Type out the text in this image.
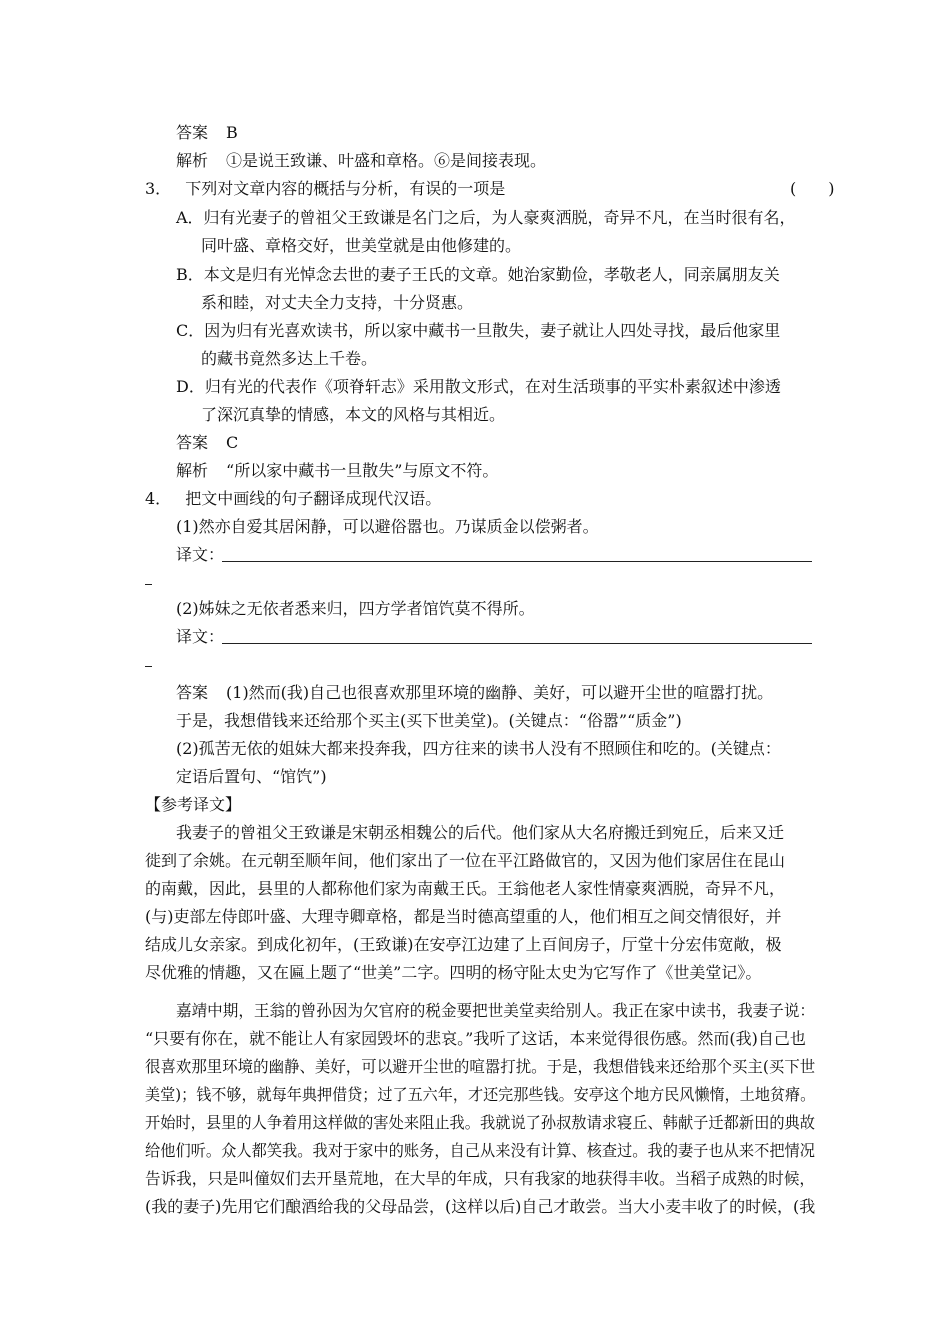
答案 B
解析 ①是说王致谦、叶盛和章格。⑥是间接表现。
3． 下列对文章内容的概括与分析，有误的一项是	(　　)
A．归有光妻子的曾祖父王致谦是名门之后，为人豪爽洒脱，奇异不凡，在当时很有名，
同叶盛、章格交好，世美堂就是由他修建的。
B．本文是归有光悼念去世的妻子王氏的文章。她治家勤俭，孝敬老人，同亲属朋友关
系和睦，对丈夫全力支持，十分贤惠。
C．因为归有光喜欢读书，所以家中藏书一旦散失，妻子就让人四处寻找，最后他家里
的藏书竟然多达上千卷。
D．归有光的代表作《项脊轩志》采用散文形式，在对生活琐事的平实朴素叙述中渗透
了深沉真挚的情感，本文的风格与其相近。
答案 C
解析 “所以家中藏书一旦散失”与原文不符。
4． 把文中画线的句子翻译成现代汉语。
(1)然亦自爱其居闲静，可以避俗嚣也。乃谋质金以偿粥者。
译文：
(2)姊妹之无依者悉来归，四方学者馆饩莫不得所。
译文：
答案 (1)然而(我)自己也很喜欢那里环境的幽静、美好，可以避开尘世的喧嚣打扰。
于是，我想借钱来还给那个买主(买下世美堂)。(关键点：“俗嚣”“质金”)
(2)孤苦无依的姐妹大都来投奔我，四方往来的读书人没有不照顾住和吃的。(关键点：
定语后置句、“馆饩”)
【参考译文】
我妻子的曾祖父王致谦是宋朝丞相魏公的后代。他们家从大名府搬迁到宛丘，后来又迁
徙到了余姚。在元朝至顺年间，他们家出了一位在平江路做官的，又因为他们家居住在昆山
的南戴，因此，县里的人都称他们家为南戴王氏。王翁他老人家性情豪爽洒脱，奇异不凡，
(与)吏部左侍郎叶盛、大理寺卿章格，都是当时德高望重的人，他们相互之间交情很好，并
结成儿女亲家。到成化初年，(王致谦)在安亭江边建了上百间房子，厅堂十分宏伟宽敞，极
尽优雅的情趣，又在匾上题了“世美”二字。四明的杨守阯太史为它写作了《世美堂记》。
嘉靖中期，王翁的曾孙因为欠官府的税金要把世美堂卖给别人。我正在家中读书，我妻子说：
“只要有你在，就不能让人有家园毁坏的悲哀。”我听了这话，本来觉得很伤感。然而(我)自己也
很喜欢那里环境的幽静、美好，可以避开尘世的喧嚣打扰。于是，我想借钱来还给那个买主(买下世
美堂)；钱不够，就每年典押借贷；过了五六年，才还完那些钱。安亭这个地方民风懒惰，土地贫瘠。
开始时，县里的人争着用这样做的害处来阻止我。我就说了孙叔敖请求寝丘、韩献子迁都新田的典故
给他们听。众人都笑我。我对于家中的账务，自己从来没有计算、核查过。我的妻子也从来不把情况
告诉我，只是叫僮奴们去开垦荒地，在大旱的年成，只有我家的地获得丰收。当稻子成熟的时候，
(我的妻子)先用它们酿酒给我的父母品尝，(这样以后)自己才敢尝。当大小麦丰收了的时候，(我
